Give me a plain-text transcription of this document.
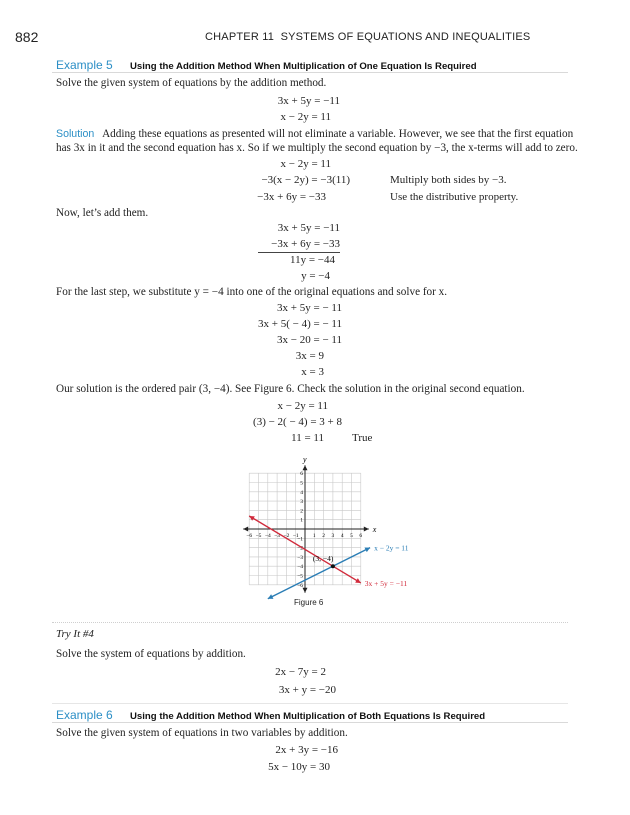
882	CHAPTER 11 SYSTEMS OF EQUATIONS AND INEQUALITIES
Example 5 Using the Addition Method When Multiplication of One Equation Is Required
Solve the given system of equations by the addition method.
3x + 5y = −11
x − 2y = 11
Solution Adding these equations as presented will not eliminate a variable. However, we see that the first equation
has 3x in it and the second equation has x. So if we multiply the second equation by −3, the x-terms will add to zero.
x − 2y = 11
−3(x − 2y) = −3(11)	Multiply both sides by −3.
−3x + 6y = −33	Use the distributive property.
Now, let’s add them.
3x + 5y = −11
−3x + 6y = −33
11y = −44
y = −4
For the last step, we substitute y = −4 into one of the original equations and solve for x.
3x + 5y = − 11
3x + 5( − 4) = − 11
3x − 20 = − 11
3x = 9
x = 3
Our solution is the ordered pair (3, −4). See Figure 6. Check the solution in the original second equation.
x − 2y = 11
(3) − 2( − 4) = 3 + 8
11 = 11	True
x
y
−6 −5 −4 −3 −2 −1	1 2 3 4 5 6
6
5
4
3
2
1
−1
−2
−3
−4
−5
−6
x − 2y = 11
3x + 5y = −11
(3, −4)
Figure 6
Try It #4
Solve the system of equations by addition.
2x − 7y = 2
3x + y = −20
Example 6 Using the Addition Method When Multiplication of Both Equations Is Required
Solve the given system of equations in two variables by addition.
2x + 3y = −16
5x − 10y = 30
